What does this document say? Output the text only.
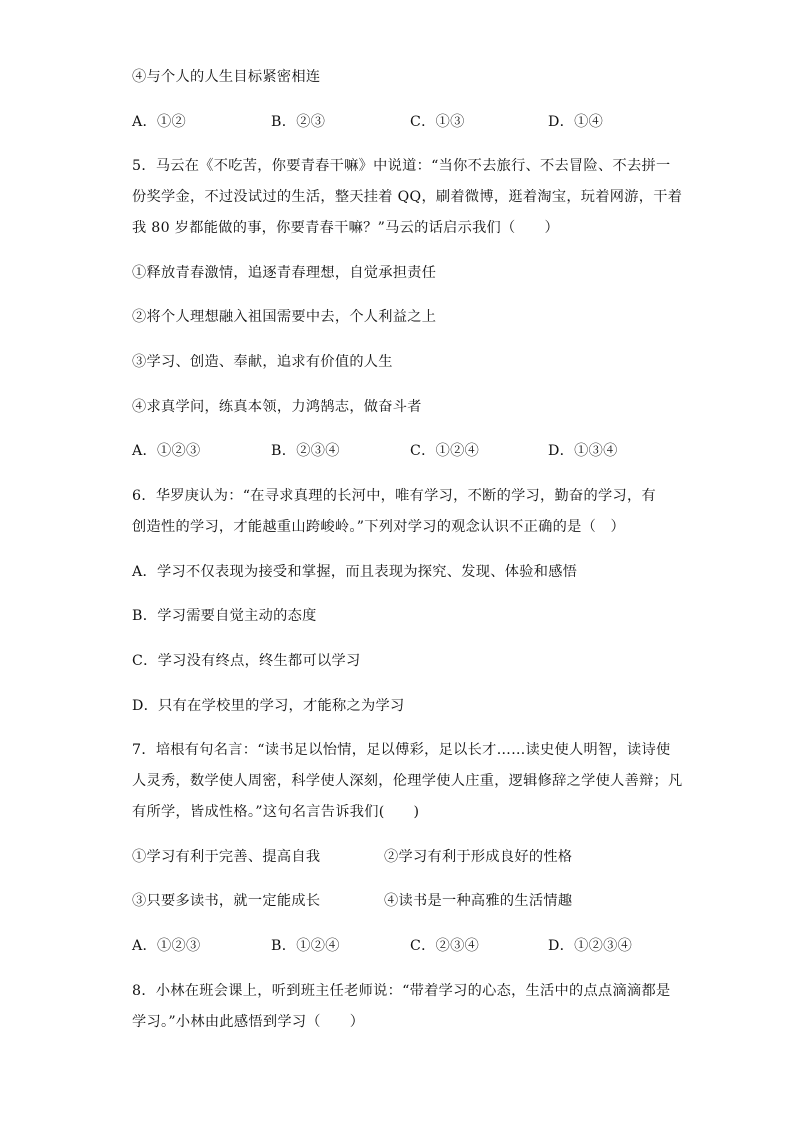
④与个人的人生目标紧密相连
A．①②	B．②③	C．①③	D．①④
5．马云在《不吃苦，你要青春干嘛》中说道：“当你不去旅行、不去冒险、不去拼一
份奖学金，不过没试过的生活，整天挂着 QQ，刷着微博，逛着淘宝，玩着网游，干着
我 80 岁都能做的事，你要青春干嘛？”马云的话启示我们（　　）
①释放青春激情，追逐青春理想，自觉承担责任
②将个人理想融入祖国需要中去，个人利益之上
③学习、创造、奉献，追求有价值的人生
④求真学问，练真本领，力鸿鹄志，做奋斗者
A．①②③	B．②③④	C．①②④	D．①③④
6．华罗庚认为：“在寻求真理的长河中，唯有学习，不断的学习，勤奋的学习，有
创造性的学习，才能越重山跨峻岭。”下列对学习的观念认识不正确的是（　）
A．学习不仅表现为接受和掌握，而且表现为探究、发现、体验和感悟
B．学习需要自觉主动的态度
C．学习没有终点，终生都可以学习
D．只有在学校里的学习，才能称之为学习
7．培根有句名言：“读书足以怡情，足以傅彩，足以长才……读史使人明智，读诗使
人灵秀，数学使人周密，科学使人深刻，伦理学使人庄重，逻辑修辞之学使人善辩；凡
有所学，皆成性格。”这句名言告诉我们(　　)
①学习有利于完善、提高自我	②学习有利于形成良好的性格
③只要多读书，就一定能成长	④读书是一种高雅的生活情趣
A．①②③	B．①②④	C．②③④	D．①②③④
8．小林在班会课上，听到班主任老师说：“带着学习的心态，生活中的点点滴滴都是
学习。”小林由此感悟到学习（　　）
